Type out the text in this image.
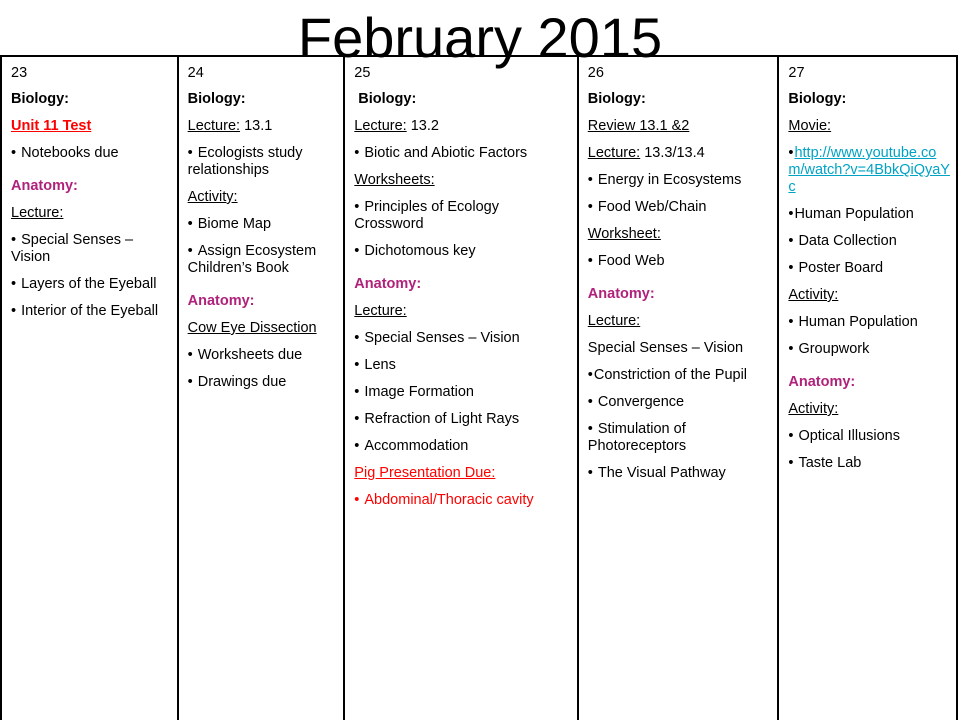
February 2015

23

Biology:

Unit 11 Test

• Notebooks due

Anatomy:

Lecture:

• Special Senses – Vision

• Layers of the Eyeball

• Interior of the Eyeball

24

Biology:

Lecture: 13.1

• Ecologists study relationships

Activity:

• Biome Map

• Assign Ecosystem Children’s Book

Anatomy:

Cow Eye Dissection

• Worksheets due

• Drawings due

25

Biology:

Lecture: 13.2

• Biotic and Abiotic Factors

Worksheets:

• Principles of Ecology Crossword

• Dichotomous key

Anatomy:

Lecture:

• Special Senses – Vision

• Lens

• Image Formation

• Refraction of Light Rays

• Accommodation

Pig Presentation Due:

• Abdominal/Thoracic cavity

26

Biology:

Review 13.1 &2

Lecture: 13.3/13.4

• Energy in Ecosystems

• Food Web/Chain

Worksheet:

• Food Web

Anatomy:

Lecture:

Special Senses – Vision

• Constriction of the Pupil

• Convergence

• Stimulation of Photoreceptors

• The Visual Pathway

27

Biology:

Movie:

• http://www.youtube.com/watch?v=4BbkQiQyaYc

• Human Population

• Data Collection

• Poster Board

Activity:

• Human Population

• Groupwork

Anatomy:

Activity:

• Optical Illusions

• Taste Lab
